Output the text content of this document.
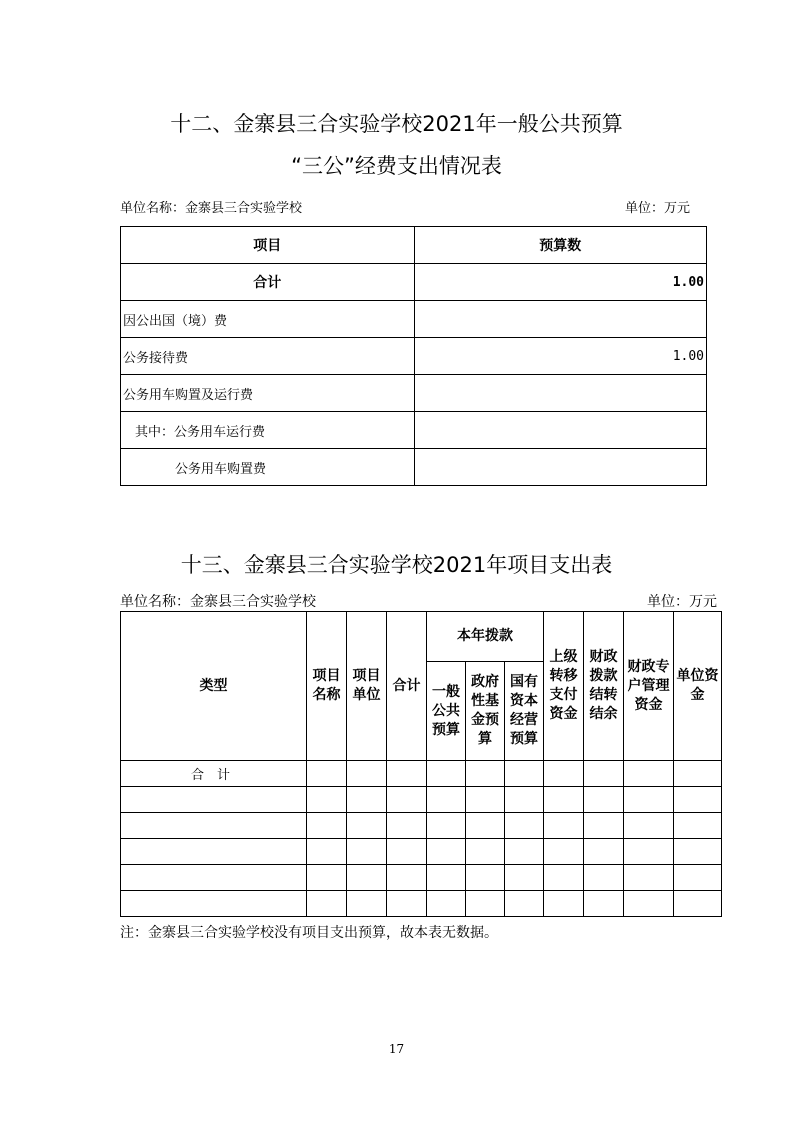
十二、金寨县三合实验学校2021年一般公共预算
“三公”经费支出情况表
单位名称：金寨县三合实验学校	单位：万元
项目	预算数
合计	1.00
因公出国（境）费	
公务接待费	1.00
公务用车购置及运行费	
其中：公务用车运行费	
公务用车购置费	
十三、金寨县三合实验学校2021年项目支出表
单位名称：金寨县三合实验学校	单位：万元
类型	项目名称	项目单位	合计	本年拨款			上级转移支付资金	财政拨款结转结余	财政专户管理资金	单位资金
				一般公共预算	政府性基金预算	国有资本经营预算				
合　计										

注：金寨县三合实验学校没有项目支出预算，故本表无数据。
17
